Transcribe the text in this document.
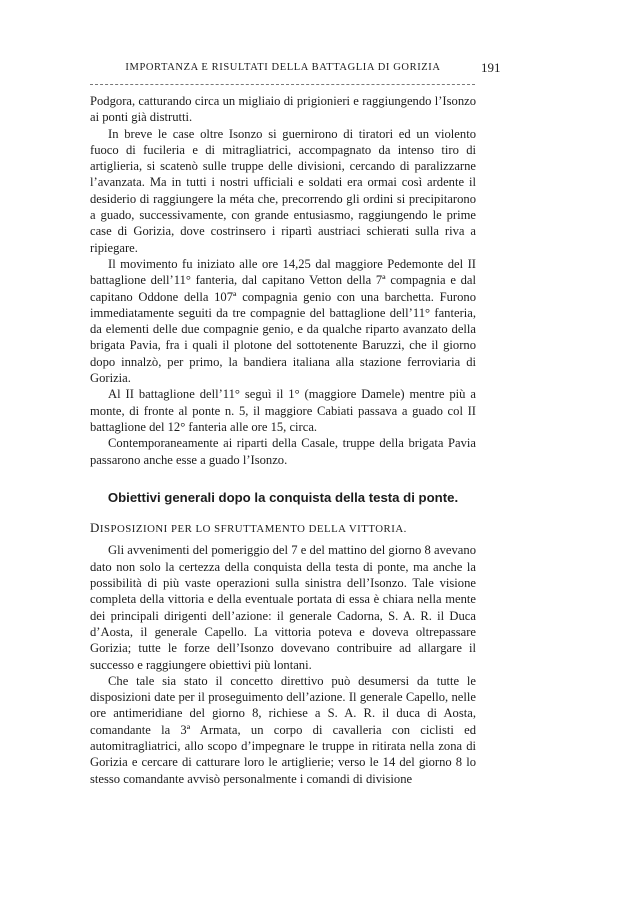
IMPORTANZA E RISULTATI DELLA BATTAGLIA DI GORIZIA	191

Podgora, catturando circa un migliaio di prigionieri e raggiungendo l’Isonzo ai ponti già distrutti.

In breve le case oltre Isonzo si guernirono di tiratori ed un violento fuoco di fucileria e di mitragliatrici, accompagnato da intenso tiro di artiglieria, si scatenò sulle truppe delle divisioni, cercando di paralizzarne l’avanzata. Ma in tutti i nostri ufficiali e soldati era ormai così ardente il desiderio di raggiungere la méta che, precorrendo gli ordini si precipitarono a guado, successivamente, con grande entusiasmo, raggiungendo le prime case di Gorizia, dove costrinsero i ripartì austriaci schierati sulla riva a ripiegare.

Il movimento fu iniziato alle ore 14,25 dal maggiore Pedemonte del II battaglione dell’11° fanteria, dal capitano Vetton della 7ª compagnia e dal capitano Oddone della 107ª compagnia genio con una barchetta. Furono immediatamente seguiti da tre compagnie del battaglione dell’11° fanteria, da elementi delle due compagnie genio, e da qualche riparto avanzato della brigata Pavia, fra i quali il plotone del sottotenente Baruzzi, che il giorno dopo innalzò, per primo, la bandiera italiana alla stazione ferroviaria di Gorizia.

Al II battaglione dell’11° seguì il 1° (maggiore Damele) mentre più a monte, di fronte al ponte n. 5, il maggiore Cabiati passava a guado col II battaglione del 12° fanteria alle ore 15, circa.

Contemporaneamente ai riparti della Casale, truppe della brigata Pavia passarono anche esse a guado l’Isonzo.

Obiettivi generali dopo la conquista della testa di ponte.
DISPOSIZIONI PER LO SFRUTTAMENTO DELLA VITTORIA.

Gli avvenimenti del pomeriggio del 7 e del mattino del giorno 8 avevano dato non solo la certezza della conquista della testa di ponte, ma anche la possibilità di più vaste operazioni sulla sinistra dell’Isonzo. Tale visione completa della vittoria e della eventuale portata di essa è chiara nella mente dei principali dirigenti dell’azione: il generale Cadorna, S. A. R. il Duca d’Aosta, il generale Capello. La vittoria poteva e doveva oltrepassare Gorizia; tutte le forze dell’Isonzo dovevano contribuire ad allargare il successo e raggiungere obiettivi più lontani.

Che tale sia stato il concetto direttivo può desumersi da tutte le disposizioni date per il proseguimento dell’azione. Il generale Capello, nelle ore antimeridiane del giorno 8, richiese a S. A. R. il duca di Aosta, comandante la 3ª Armata, un corpo di cavalleria con ciclisti ed automitragliatrici, allo scopo d’impegnare le truppe in ritirata nella zona di Gorizia e cercare di catturare loro le artiglierie; verso le 14 del giorno 8 lo stesso comandante avvisò personalmente i comandi di divisione
